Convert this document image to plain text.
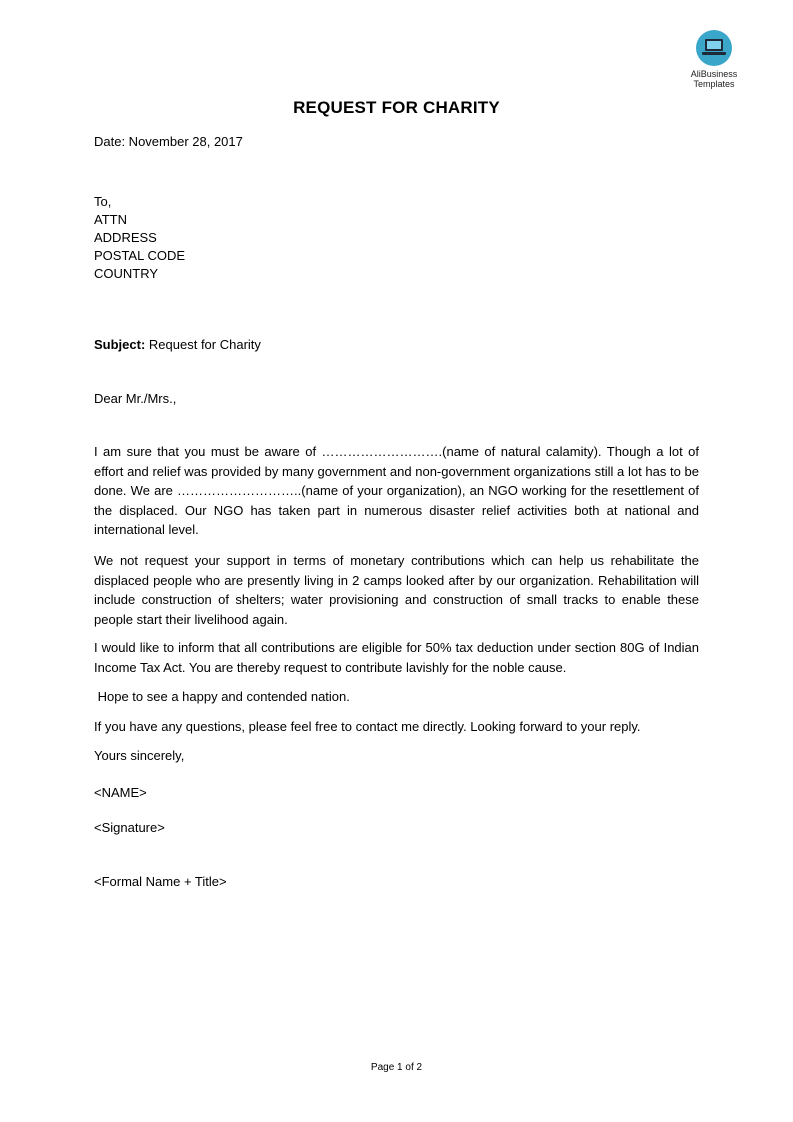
AliBusiness
Templates
REQUEST FOR CHARITY
Date: November 28, 2017
To,
ATTN
ADDRESS
POSTAL CODE
COUNTRY
Subject: Request for Charity
Dear Mr./Mrs.,

I am sure that you must be aware of ……………………….(name of natural calamity). Though a lot of effort and relief was provided by many government and non-government organizations still a lot has to be done. We are ………………………..(name of your organization), an NGO working for the resettlement of the displaced. Our NGO has taken part in numerous disaster relief activities both at national and international level.

We not request your support in terms of monetary contributions which can help us rehabilitate the displaced people who are presently living in 2 camps looked after by our organization. Rehabilitation will include construction of shelters; water provisioning and construction of small tracks to enable these people start their livelihood again.

I would like to inform that all contributions are eligible for 50% tax deduction under section 80G of Indian Income Tax Act. You are thereby request to contribute lavishly for the noble cause.

Hope to see a happy and contended nation.

If you have any questions, please feel free to contact me directly. Looking forward to your reply.

Yours sincerely,
<NAME>
<Signature>
<Formal Name + Title>
Page 1 of 2
